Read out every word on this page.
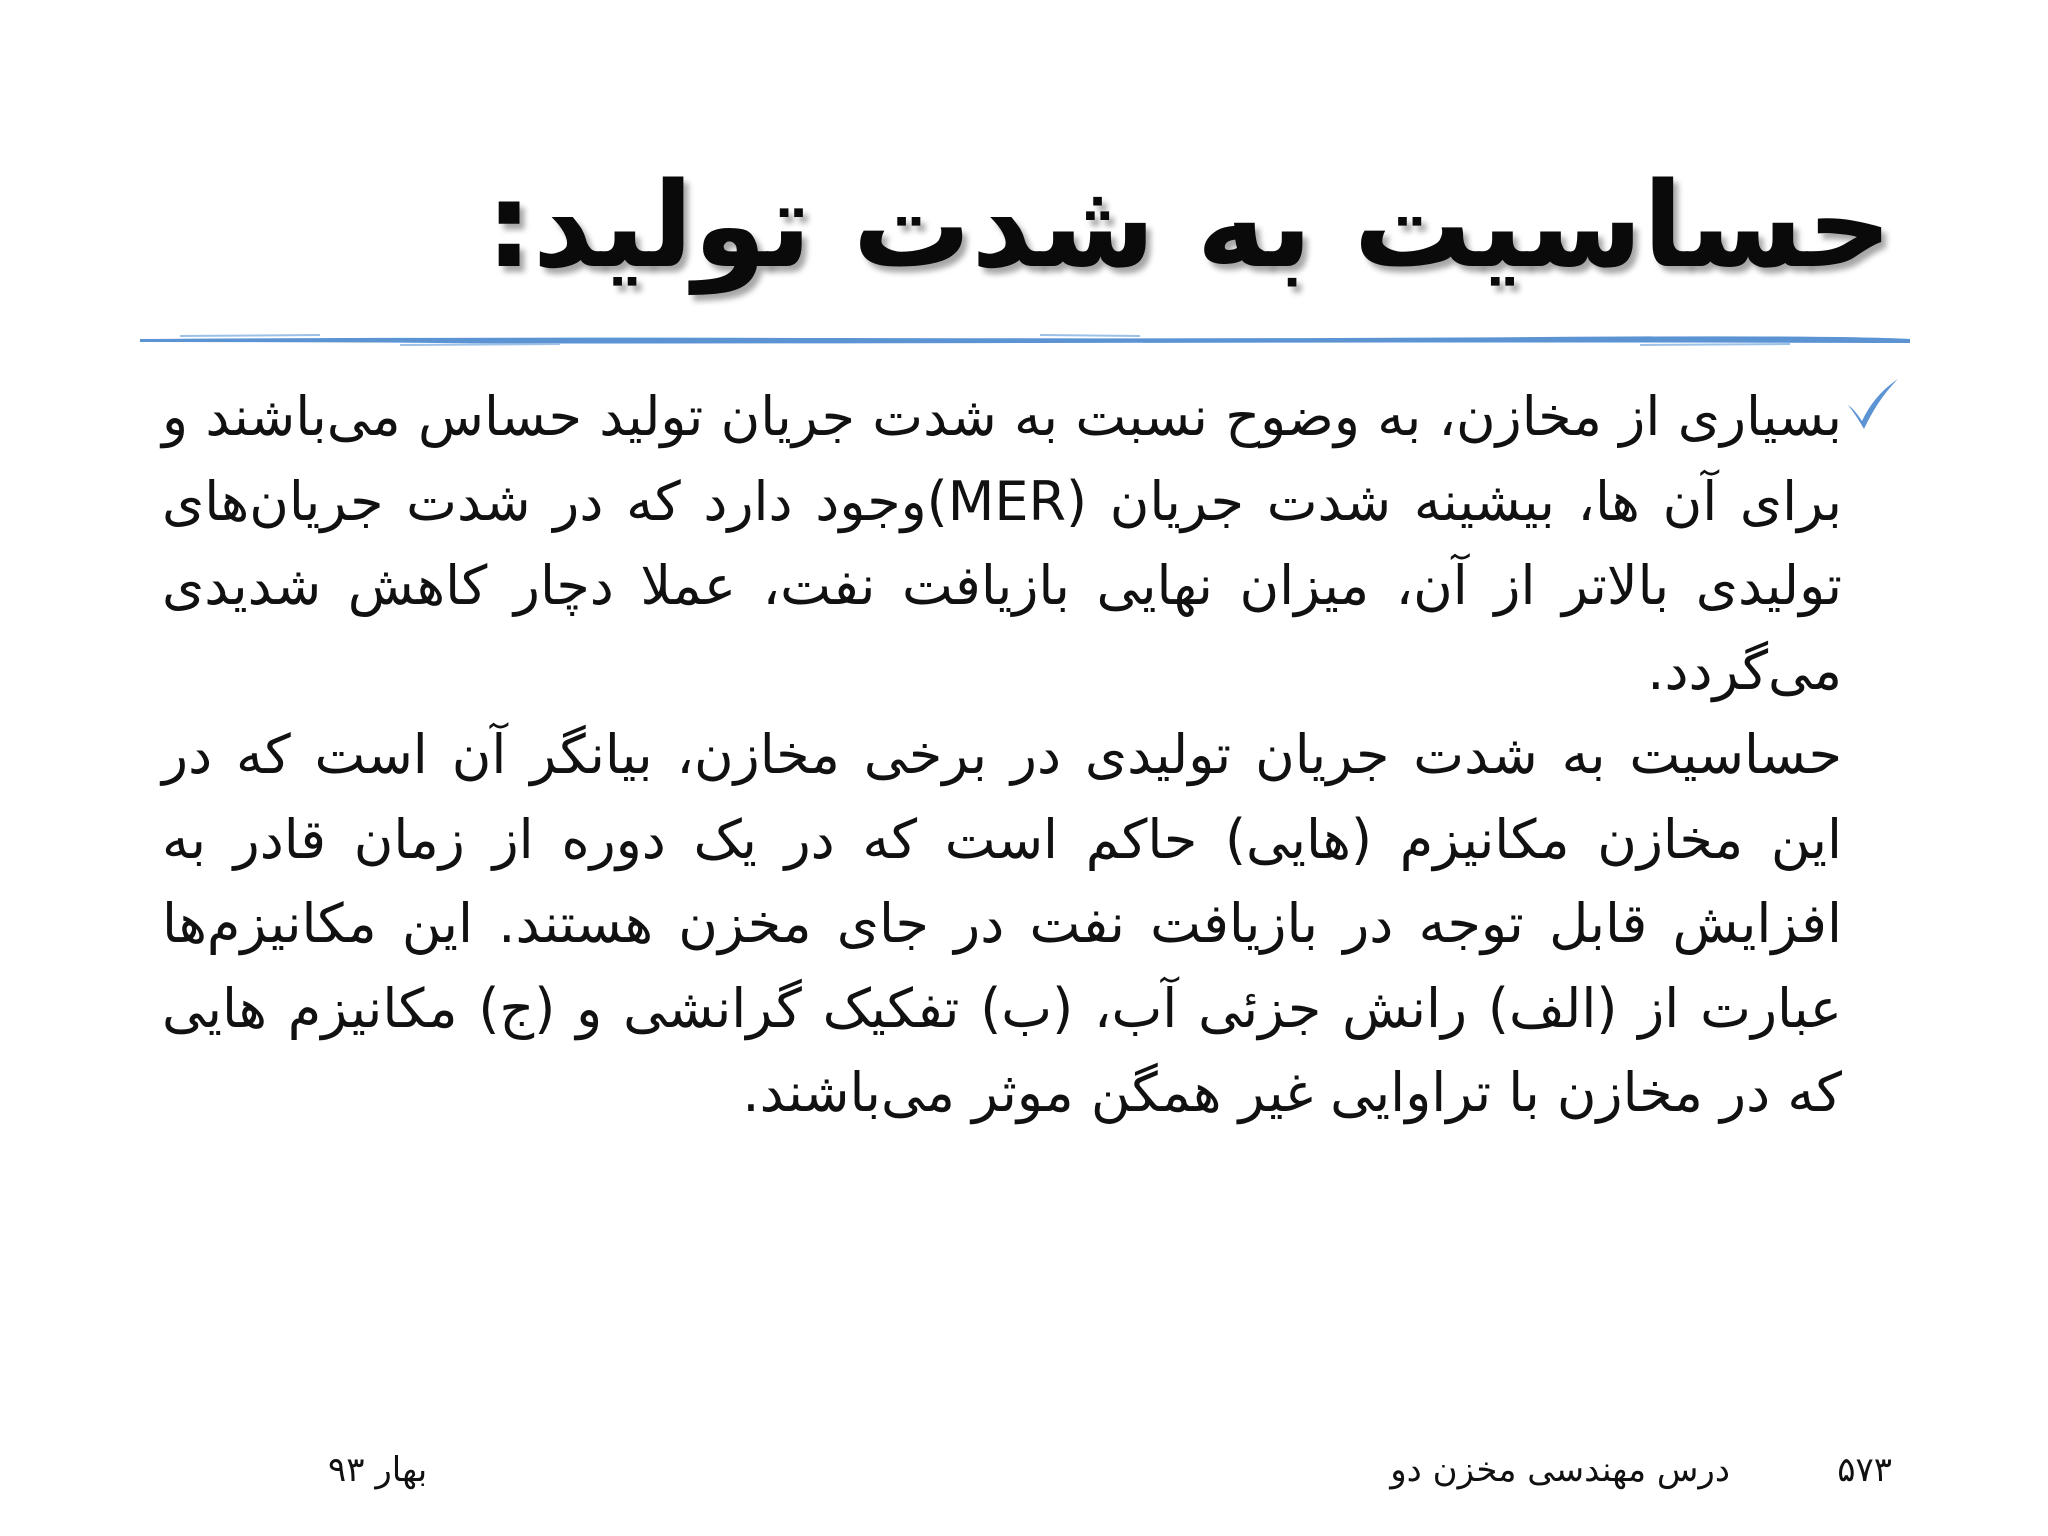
حساسیت به شدت تولید:

بسیاری از مخازن، به وضوح نسبت به شدت جریان تولید حساس می‌باشند و برای آن ها، بیشینه شدت جریان (MER)وجود دارد که در شدت جریان‌های تولیدی بالاتر از آن، میزان نهایی بازیافت نفت، عملا دچار کاهش شدیدی می‌گردد.

حساسیت به شدت جریان تولیدی در برخی مخازن، بیانگر آن است که در این مخازن مکانیزم (هایی) حاکم است که در یک دوره از زمان قادر به افزایش قابل توجه در بازیافت نفت در جای مخزن هستند. این مکانیزم‌ها عبارت از (الف) رانش جزئی آب، (ب) تفکیک گرانشی و (ج) مکانیزم هایی که در مخازن با تراوایی غیر همگن موثر می‌باشند.

۵۷۳
درس مهندسی مخزن دو
بهار ۹۳
